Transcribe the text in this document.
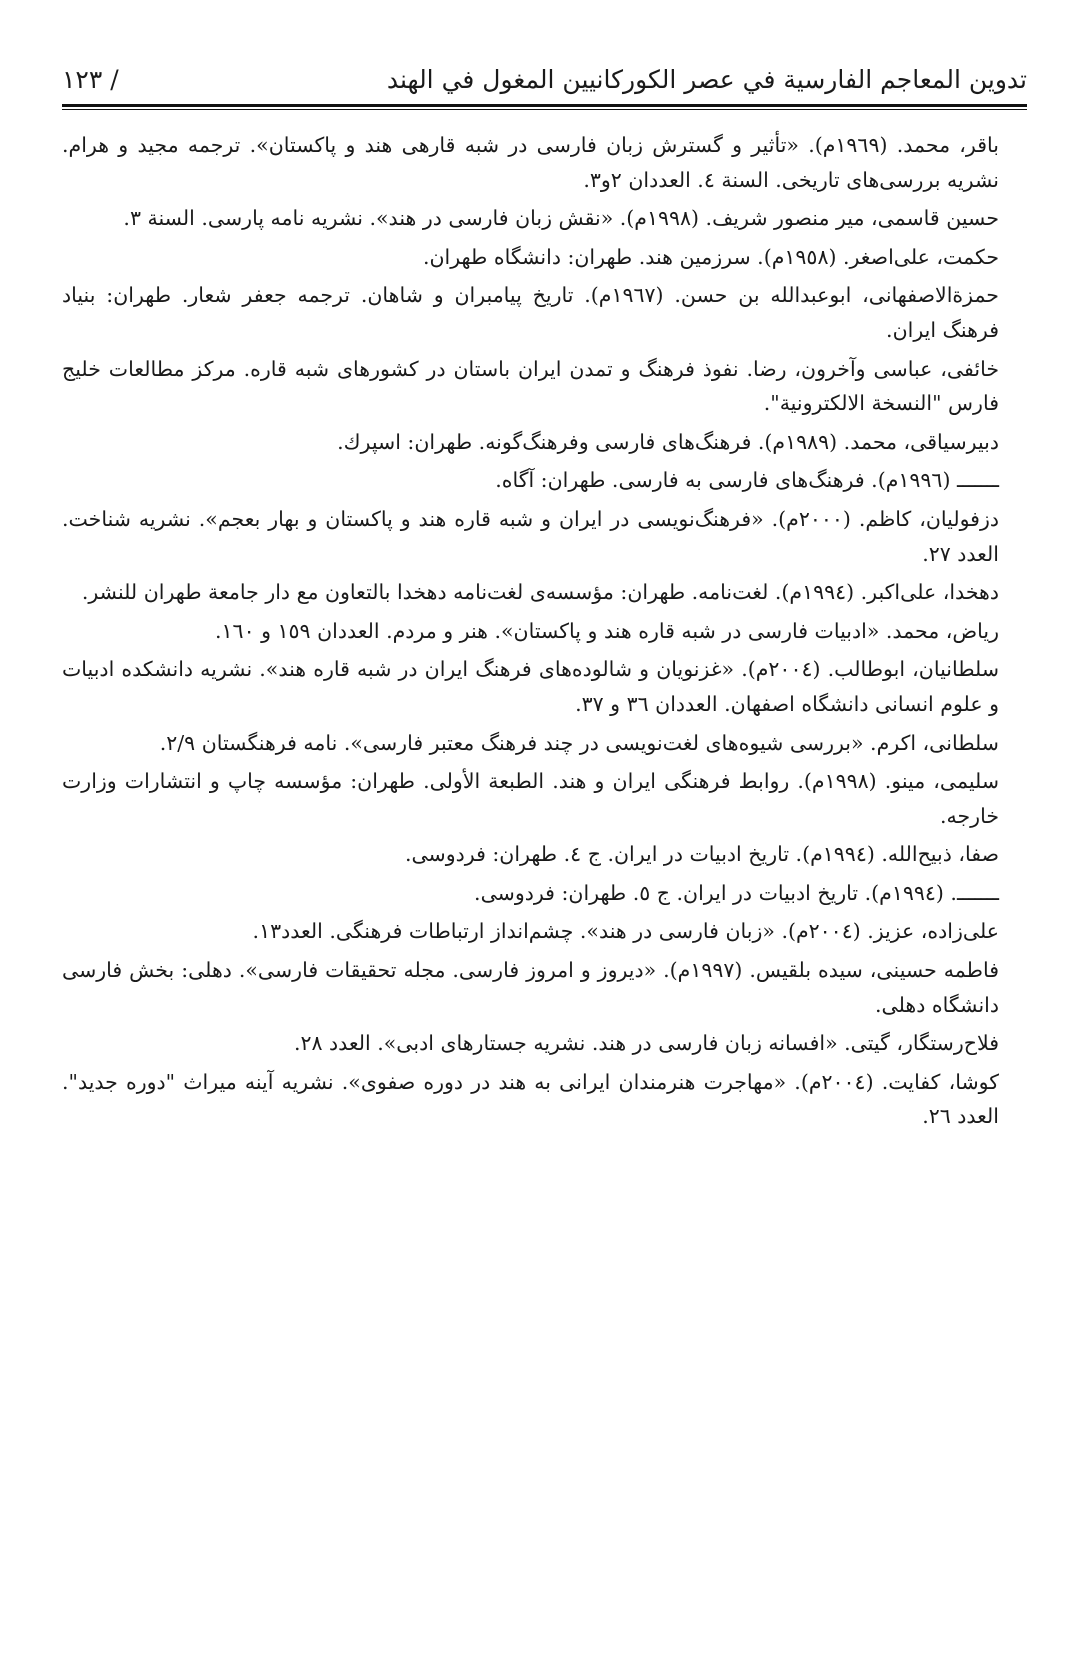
تدوين المعاجم الفارسية في عصر الكوركانيين المغول في الهند
١٢٣ /

باقر، محمد. (١٩٦٩م). «تأثير و گسترش زبان فارسی در شبه قارهی هند و پاكستان». ترجمه مجيد و هرام. نشريه بررسی‌های تاريخی. السنة ٤. العددان ٢و٣.

حسين قاسمی، مير منصور شريف. (١٩٩٨م). «نقش زبان فارسی در هند». نشريه نامه پارسی. السنة ٣.

حكمت، علی‌اصغر. (١٩٥٨م). سرزمين هند. طهران: دانشگاه طهران.

حمزةالاصفهانی، ابوعبدالله بن حسن. (١٩٦٧م). تاريخ پيامبران و شاهان. ترجمه جعفر شعار. طهران: بنياد فرهنگ ايران.

خائفی، عباسی وآخرون، رضا. نفوذ فرهنگ و تمدن ايران باستان در كشورهای شبه قاره. مركز مطالعات خليج فارس "النسخة الالكترونية".

دبيرسياقی، محمد. (١٩٨٩م). فرهنگ‌های فارسی وفرهنگ‌گونه. طهران: اسپرك.

ـــــــ (١٩٩٦م). فرهنگ‌های فارسی به فارسی. طهران: آگاه.

دزفوليان، كاظم. (٢٠٠٠م). «فرهنگ‌نويسی در ايران و شبه قاره هند و پاكستان و بهار بعجم». نشريه شناخت. العدد ٢٧.

دهخدا، علی‌اكبر. (١٩٩٤م). لغت‌نامه. طهران: مؤسسه‌ی لغت‌نامه دهخدا بالتعاون مع دار جامعة طهران للنشر.

رياض، محمد. «ادبيات فارسی در شبه قاره هند و پاكستان». هنر و مردم. العددان ١٥٩ و ١٦٠.

سلطانيان، ابوطالب. (٢٠٠٤م). «غزنويان و شالوده‌های فرهنگ ايران در شبه قاره هند». نشريه دانشكده ادبيات و علوم انسانی دانشگاه اصفهان. العددان ٣٦ و ٣٧.

سلطانی، اكرم. «بررسی شيوه‌های لغت‌نويسی در چند فرهنگ معتبر فارسی». نامه فرهنگستان ٢/٩.

سليمی، مينو. (١٩٩٨م). روابط فرهنگی ايران و هند. الطبعة الأولى. طهران: مؤسسه چاپ و انتشارات وزارت خارجه.

صفا، ذبيح‌الله. (١٩٩٤م). تاريخ ادبيات در ايران. ج ٤. طهران: فردوسی.

ـــــــ. (١٩٩٤م). تاريخ ادبيات در ايران. ج ٥. طهران: فردوسی.

علی‌زاده، عزيز. (٢٠٠٤م). «زبان فارسی در هند». چشم‌انداز ارتباطات فرهنگی. العدد١٣.

فاطمه حسينی، سيده بلقيس. (١٩٩٧م). «ديروز و امروز فارسی. مجله تحقيقات فارسی». دهلی: بخش فارسی دانشگاه دهلی.

فلاح‌رستگار، گيتی. «افسانه زبان فارسی در هند. نشريه جستارهای ادبی». العدد ٢٨.

كوشا، كفايت. (٢٠٠٤م). «مهاجرت هنرمندان ايرانی به هند در دوره صفوی». نشريه آينه ميراث "دوره جديد". العدد ٢٦.
